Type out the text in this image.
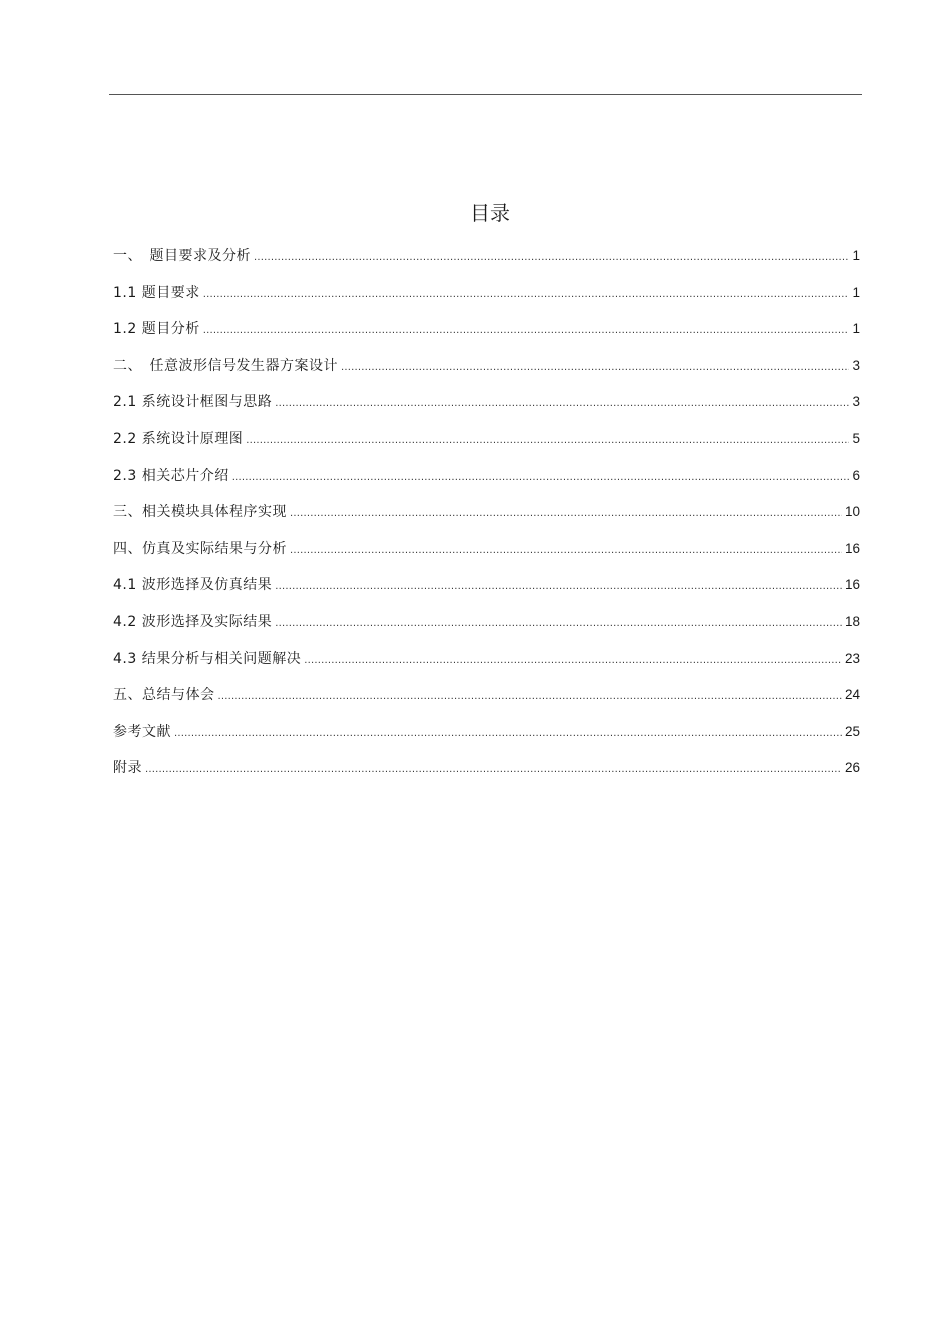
目录
一、　题目要求及分析 .....	1
1.1 题目要求 .....	1
1.2 题目分析 .....	1
二、　任意波形信号发生器方案设计 .....	3
2.1 系统设计框图与思路 .....	3
2.2 系统设计原理图 .....	5
2.3 相关芯片介绍 .....	6
三、相关模块具体程序实现 .....	10
四、仿真及实际结果与分析 .....	16
4.1 波形选择及仿真结果 .....	16
4.2 波形选择及实际结果 .....	18
4.3 结果分析与相关问题解决 .....	23
五、总结与体会 .....	24
参考文献 .....	25
附录 .....	26
